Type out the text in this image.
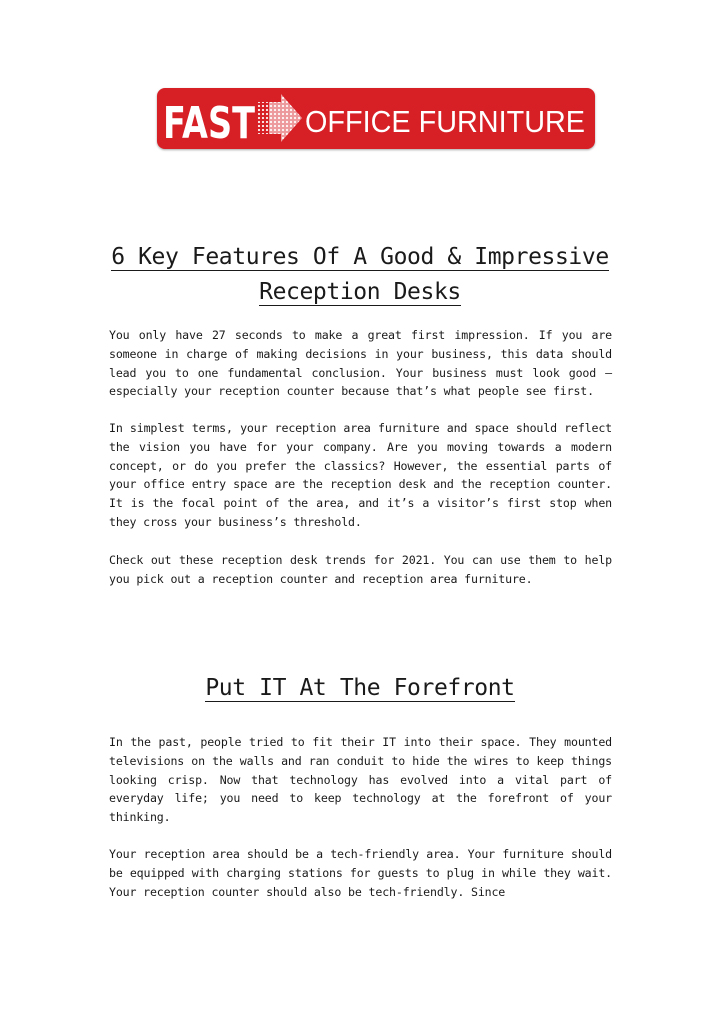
FAST OFFICE FURNITURE
6 Key Features Of A Good & Impressive
Reception Desks
You only have 27 seconds to make a great first impression. If you are someone in charge of making decisions in your business, this data should lead you to one fundamental conclusion. Your business must look good —especially your reception counter because that’s what people see first.
In simplest terms, your reception area furniture and space should reflect the vision you have for your company. Are you moving towards a modern concept, or do you prefer the classics? However, the essential parts of your office entry space are the reception desk and the reception counter. It is the focal point of the area, and it’s a visitor’s first stop when they cross your business’s threshold.
Check out these reception desk trends for 2021. You can use them to help you pick out a reception counter and reception area furniture.
Put IT At The Forefront
In the past, people tried to fit their IT into their space. They mounted televisions on the walls and ran conduit to hide the wires to keep things looking crisp. Now that technology has evolved into a vital part of everyday life; you need to keep technology at the forefront of your thinking.
Your reception area should be a tech-friendly area. Your furniture should be equipped with charging stations for guests to plug in while they wait. Your reception counter should also be tech-friendly. Since
